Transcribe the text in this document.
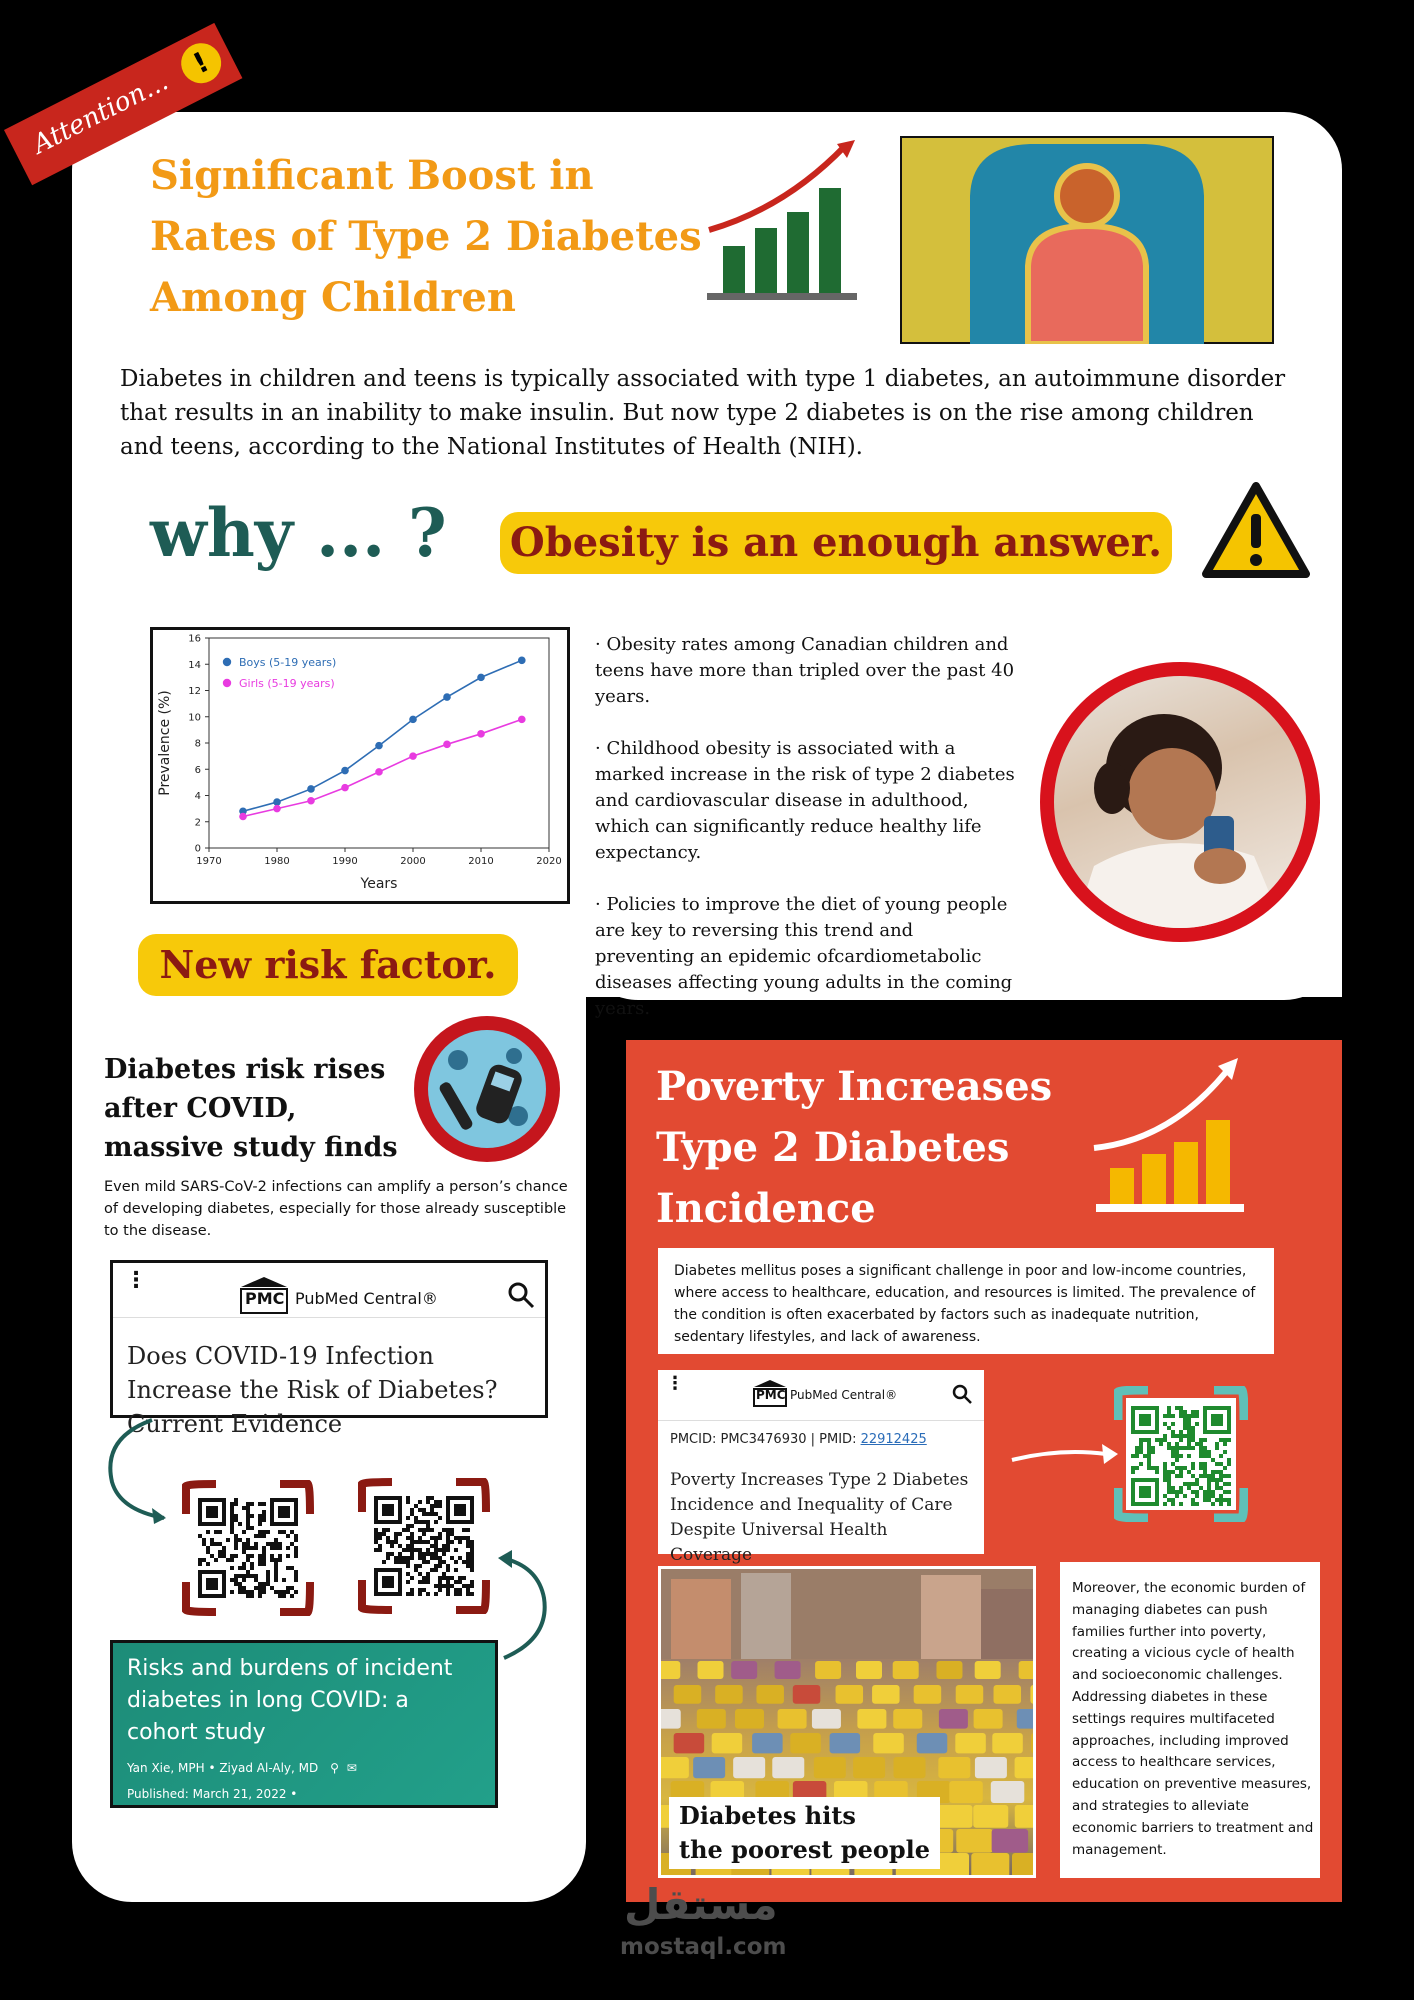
Attention...
!
Significant Boost in
Rates of Type 2 Diabetes
Among Children
Diabetes in children and teens is typically associated with type 1 diabetes, an autoimmune disorder that results in an inability to make insulin. But now type 2 diabetes is on the rise among children and teens, according to the National Institutes of Health (NIH).
why ... ? Obesity is an enough answer.
1970	1980	1990	2000	2010	2020
0
2
4
6
8
10
12
14
16
Years
Prevalence (%)
Boys (5-19 years)
Girls (5-19 years)

· Obesity rates among Canadian children and teens have more than tripled over the past 40 years.

· Childhood obesity is associated with a marked increase in the risk of type 2 diabetes and cardiovascular disease in adulthood, which can significantly reduce healthy life expectancy.

· Policies to improve the diet of young people are key to reversing this trend and preventing an epidemic ofcardiometabolic diseases affecting young adults in the coming years.

New risk factor.
Diabetes risk rises
after COVID,
massive study finds
Even mild SARS-CoV-2 infections can amplify a person’s chance of developing diabetes, especially for those already susceptible to the disease.
⋮
PMC PubMed Central®
Does COVID-19 Infection Increase the Risk of Diabetes? Current Evidence
Risks and burdens of incident diabetes in long COVID: a cohort study
Yan Xie, MPH • Ziyad Al-Aly, MD ⚲ ✉
Published: March 21, 2022 •
Poverty Increases
Type 2 Diabetes
Incidence
Diabetes mellitus poses a significant challenge in poor and low-income countries, where access to healthcare, education, and resources is limited. The prevalence of the condition is often exacerbated by factors such as inadequate nutrition, sedentary lifestyles, and lack of awareness.
⋮
PMC PubMed Central®
PMCID: PMC3476930 | PMID: 22912425
Poverty Increases Type 2 Diabetes Incidence and Inequality of Care Despite Universal Health Coverage
Diabetes hits
the poorest people
Moreover, the economic burden of managing diabetes can push families further into poverty, creating a vicious cycle of health and socioeconomic challenges. Addressing diabetes in these settings requires multifaceted approaches, including improved access to healthcare services, education on preventive measures, and strategies to alleviate economic barriers to treatment and management.
مستقل
mostaql.com
